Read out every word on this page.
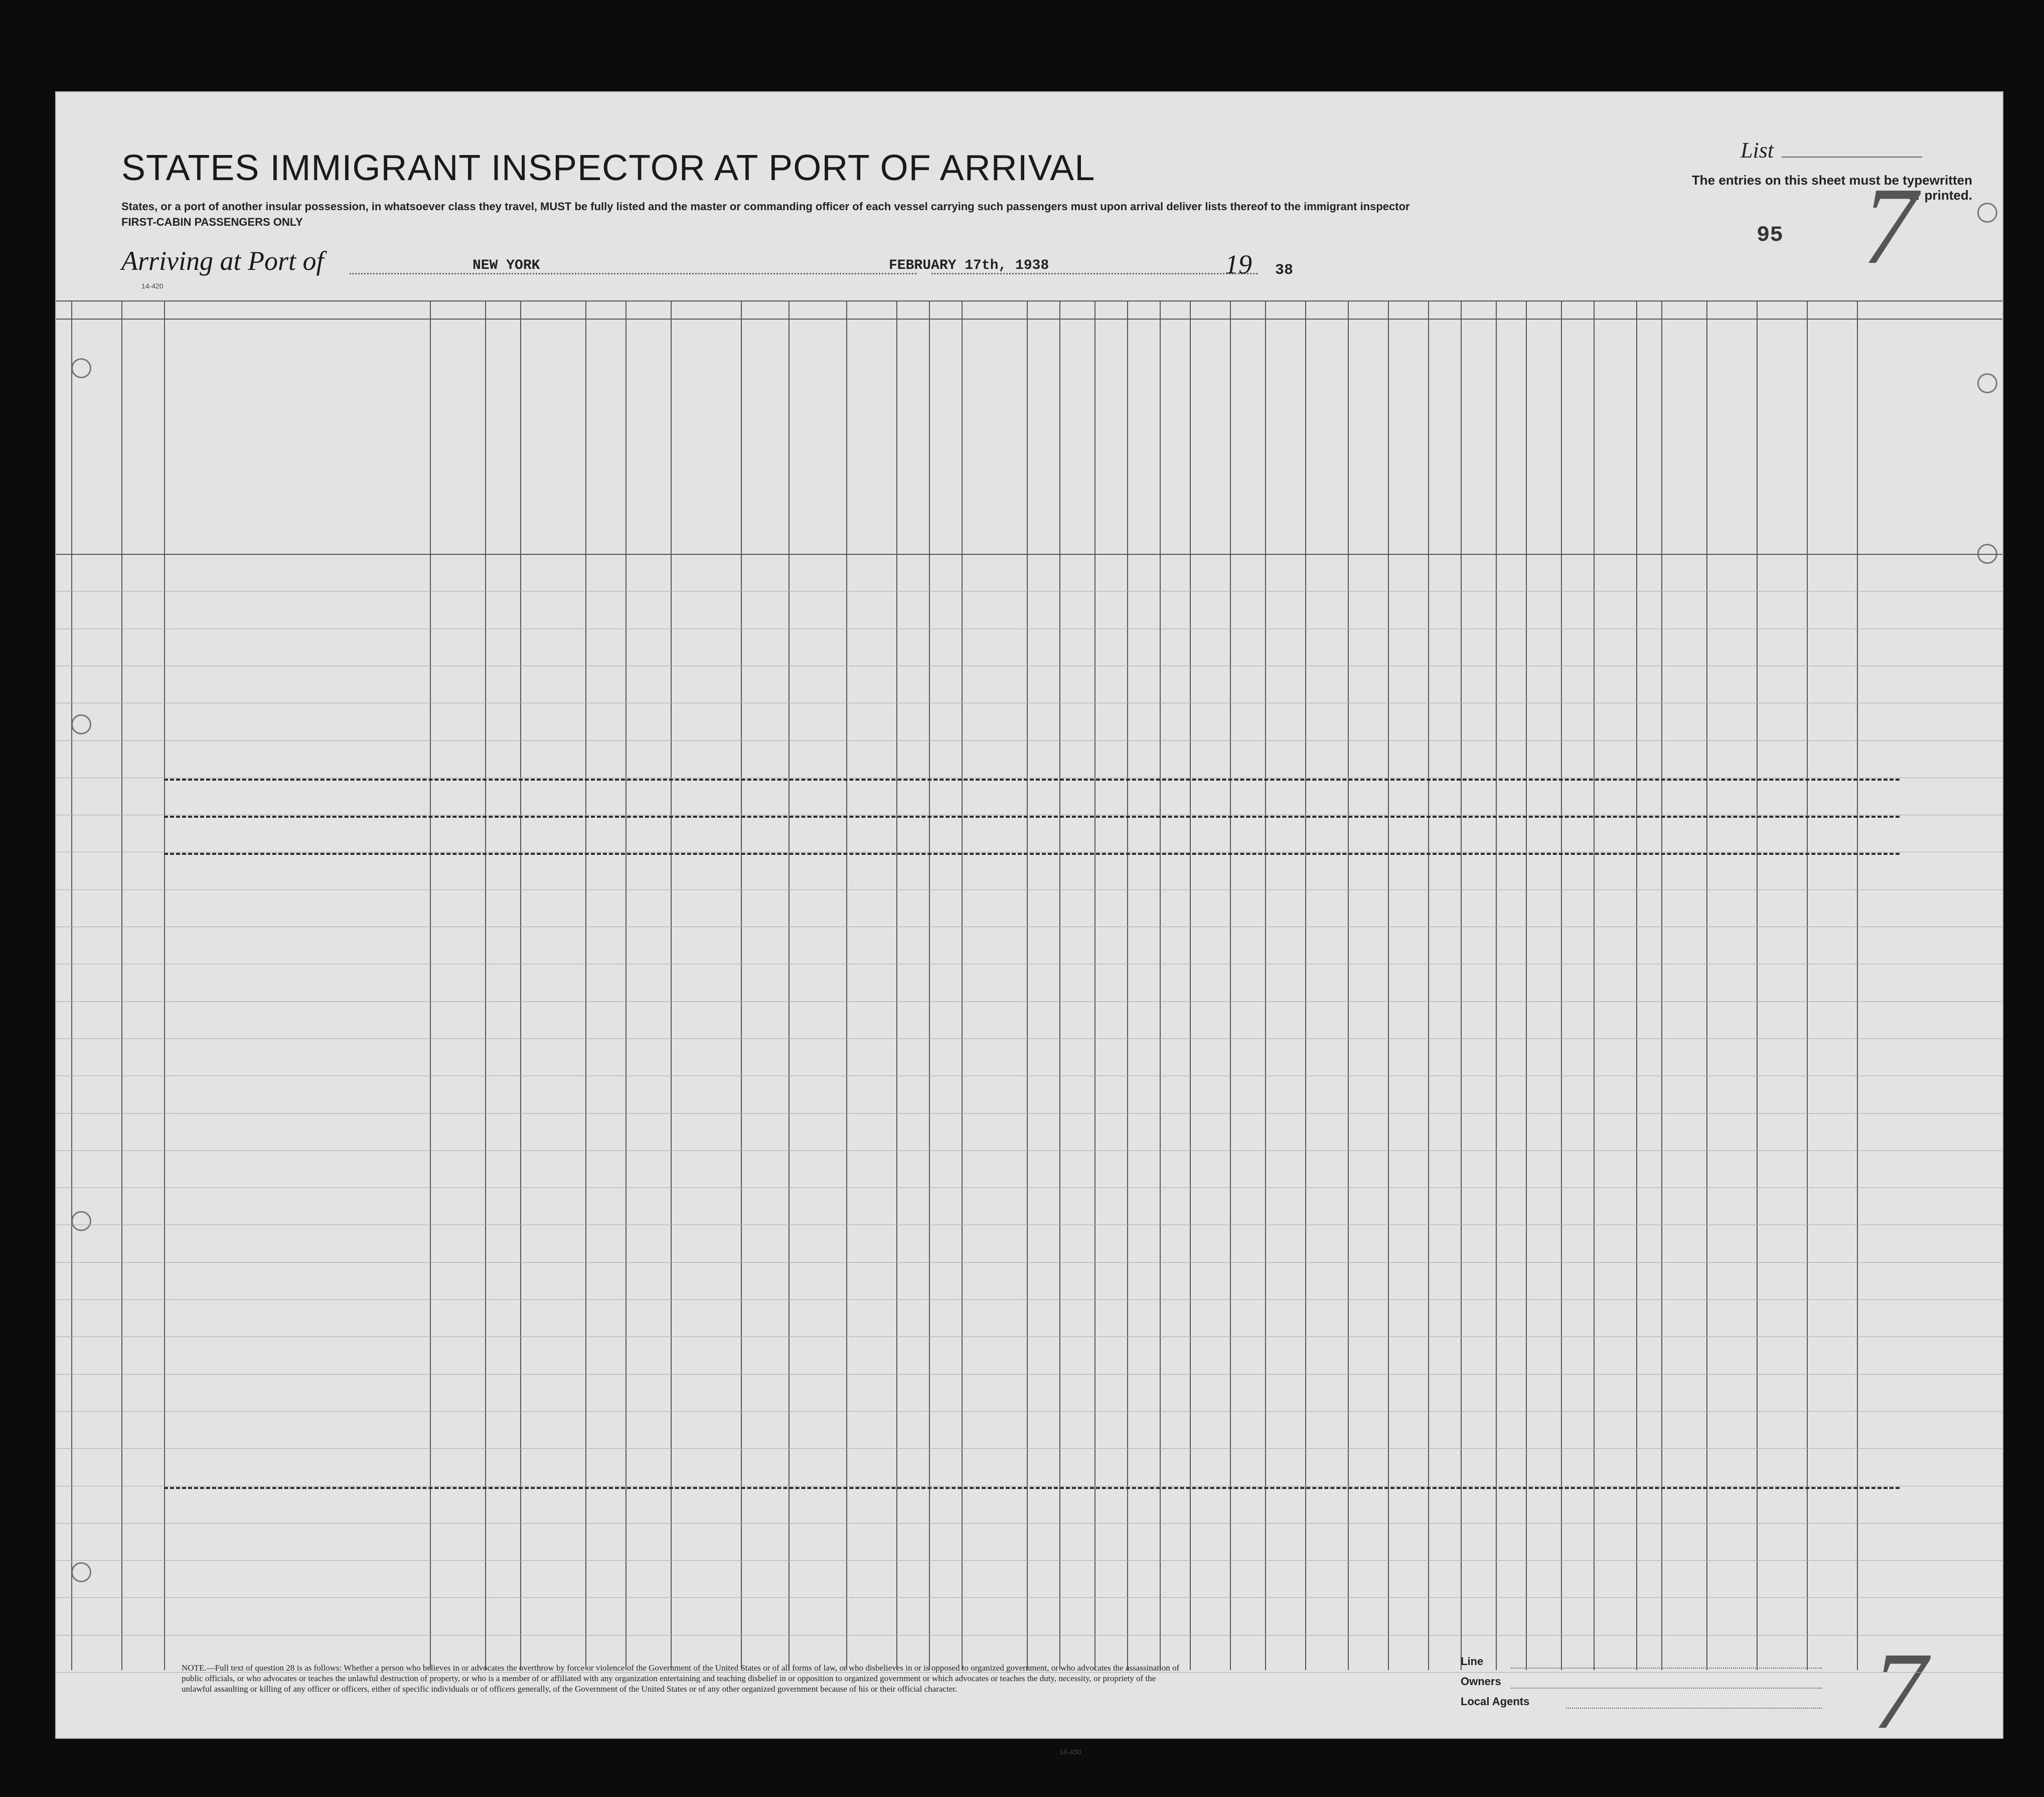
STATES IMMIGRANT INSPECTOR AT PORT OF ARRIVAL
States, or a port of another insular possession, in whatsoever class they travel, MUST be fully listed and the master or commanding officer of each vessel carrying such passengers must upon arrival deliver lists thereof to the immigrant inspector
FIRST-CABIN PASSENGERS ONLY
Arriving at Port of	NEW YORK	FEBRUARY 17th, 1938	19 38
14-420
List
The entries on this sheet must be typewritten or printed.
95 7
7
NOTE.—Full text of question 28 is as follows: Whether a person who believes in or advocates the overthrow by force or violence of the Government of the United States or of all forms of law, or who disbelieves in or is opposed to organized government, or who advocates the assassination of public officials, or who advocates or teaches the unlawful destruction of property, or who is a member of or affiliated with any organization entertaining and teaching disbelief in or opposition to organized government or which advocates or teaches the duty, necessity, or propriety of the unlawful assaulting or killing of any officer or officers, either of specific individuals or of officers generally, of the Government of the United States or of any other organized government because of his or their official character.
Line
Owners
Local Agents
14-430
